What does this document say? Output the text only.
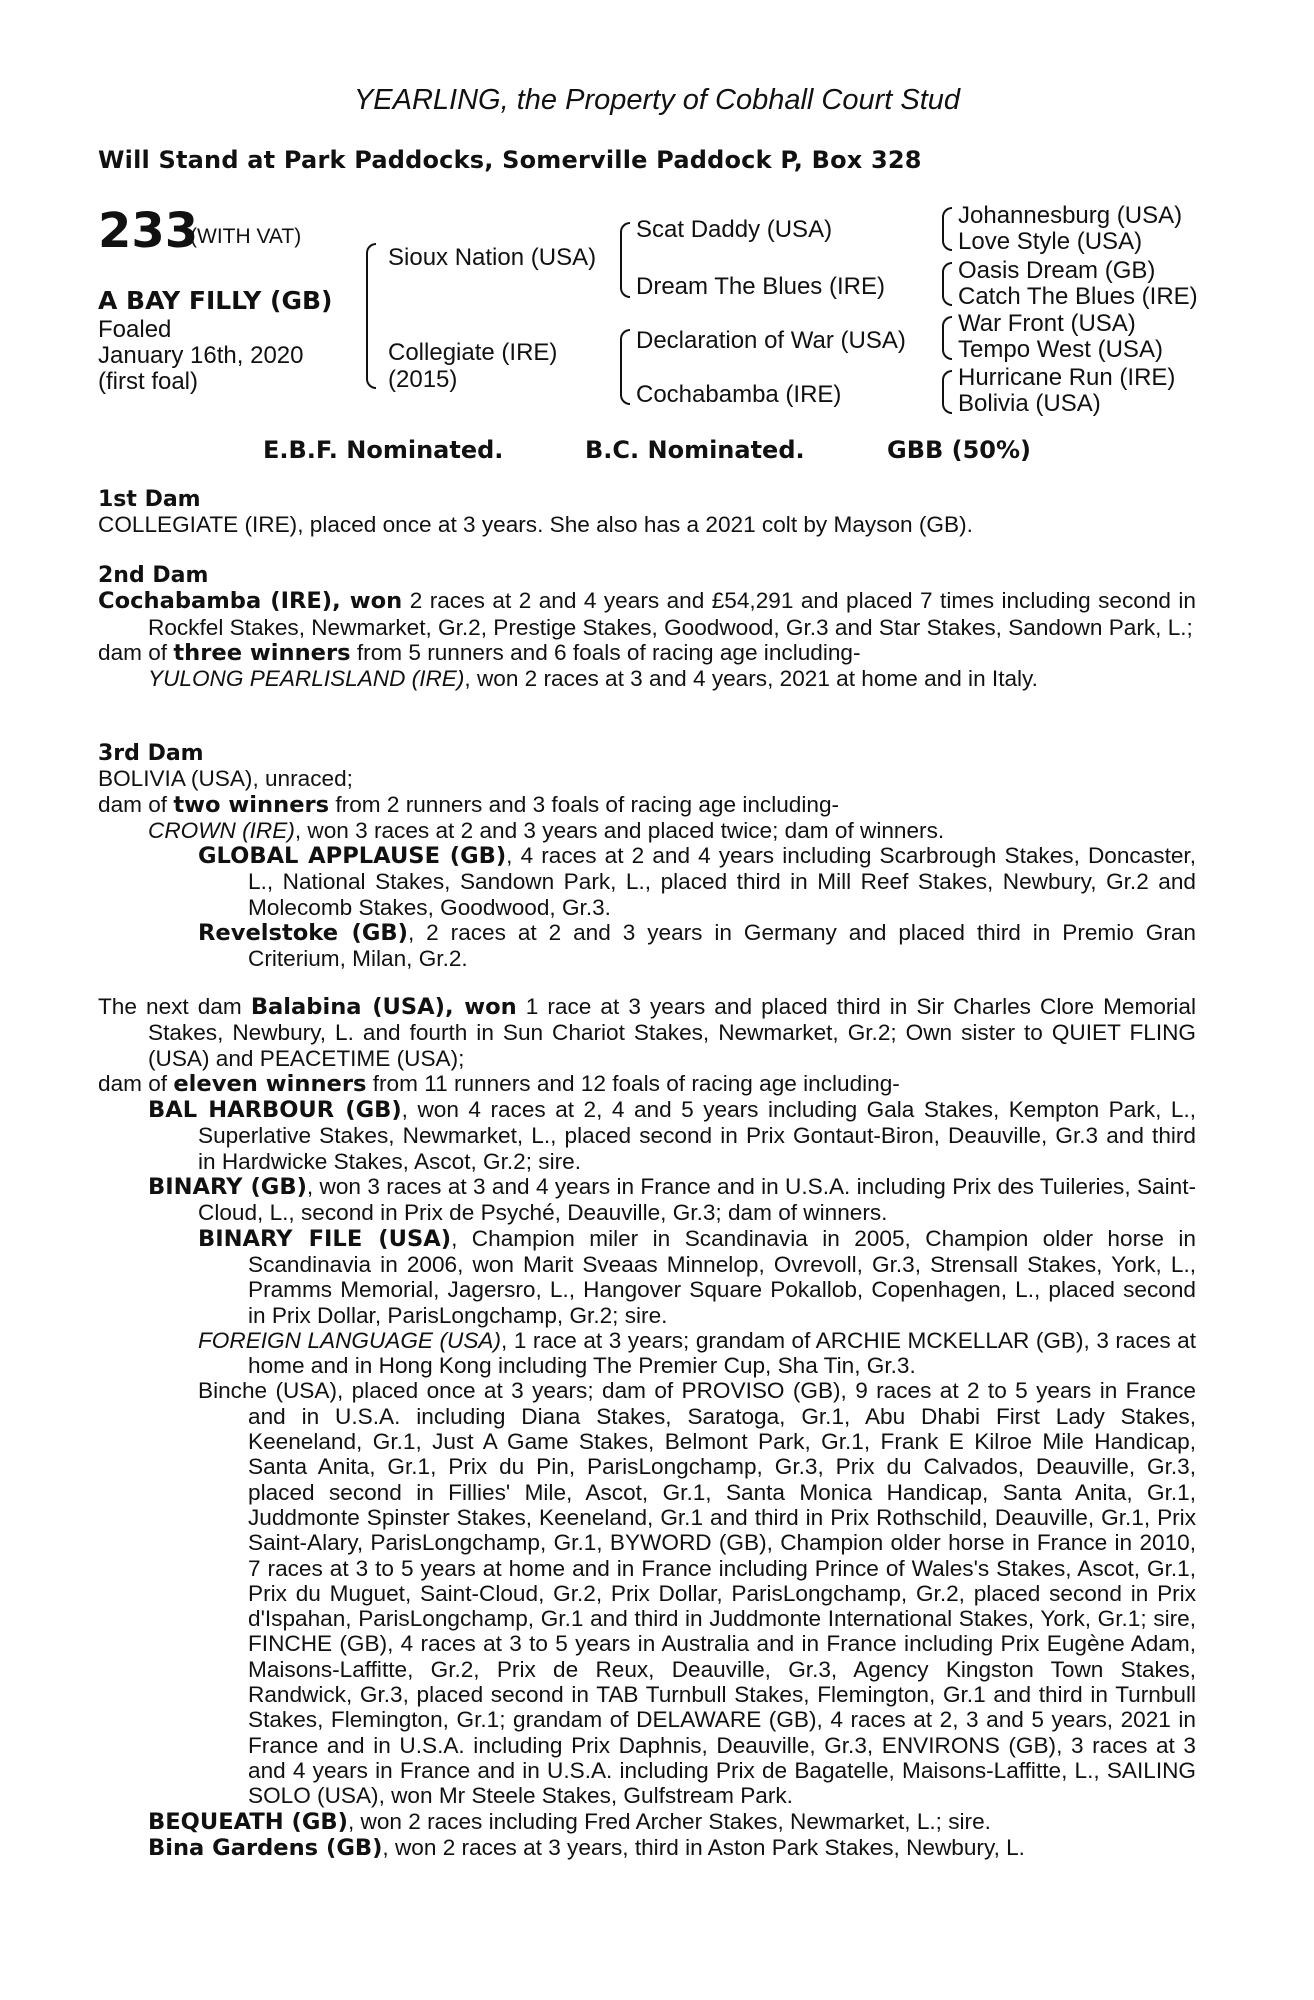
YEARLING, the Property of Cobhall Court Stud
Will Stand at Park Paddocks, Somerville Paddock P, Box 328
233
(WITH VAT)
A BAY FILLY (GB)
Foaled
January 16th, 2020
(first foal)
Sioux Nation (USA)
Collegiate (IRE)
(2015)
Scat Daddy (USA)
Dream The Blues (IRE)
Declaration of War (USA)
Cochabamba (IRE)
Johannesburg (USA)
Love Style (USA)
Oasis Dream (GB)
Catch The Blues (IRE)
War Front (USA)
Tempo West (USA)
Hurricane Run (IRE)
Bolivia (USA)
E.B.F. Nominated.	B.C. Nominated.	GBB (50%)

1st Dam

COLLEGIATE (IRE), placed once at 3 years. She also has a 2021 colt by Mayson (GB).

2nd Dam

Cochabamba (IRE), won 2 races at 2 and 4 years and £54,291 and placed 7 times including second in Rockfel Stakes, Newmarket, Gr.2, Prestige Stakes, Goodwood, Gr.3 and Star Stakes, Sandown Park, L.;

dam of three winners from 5 runners and 6 foals of racing age including-

YULONG PEARLISLAND (IRE), won 2 races at 3 and 4 years, 2021 at home and in Italy.

3rd Dam

BOLIVIA (USA), unraced;

dam of two winners from 2 runners and 3 foals of racing age including-

CROWN (IRE), won 3 races at 2 and 3 years and placed twice; dam of winners.

GLOBAL APPLAUSE (GB), 4 races at 2 and 4 years including Scarbrough Stakes, Doncaster, L., National Stakes, Sandown Park, L., placed third in Mill Reef Stakes, Newbury, Gr.2 and Molecomb Stakes, Goodwood, Gr.3.

Revelstoke (GB), 2 races at 2 and 3 years in Germany and placed third in Premio Gran Criterium, Milan, Gr.2.

The next dam Balabina (USA), won 1 race at 3 years and placed third in Sir Charles Clore Memorial Stakes, Newbury, L. and fourth in Sun Chariot Stakes, Newmarket, Gr.2; Own sister to QUIET FLING (USA) and PEACETIME (USA);

dam of eleven winners from 11 runners and 12 foals of racing age including-

BAL HARBOUR (GB), won 4 races at 2, 4 and 5 years including Gala Stakes, Kempton Park, L., Superlative Stakes, Newmarket, L., placed second in Prix Gontaut-Biron, Deauville, Gr.3 and third in Hardwicke Stakes, Ascot, Gr.2; sire.

BINARY (GB), won 3 races at 3 and 4 years in France and in U.S.A. including Prix des Tuileries, Saint-Cloud, L., second in Prix de Psyché, Deauville, Gr.3; dam of winners.

BINARY FILE (USA), Champion miler in Scandinavia in 2005, Champion older horse in Scandinavia in 2006, won Marit Sveaas Minnelop, Ovrevoll, Gr.3, Strensall Stakes, York, L., Pramms Memorial, Jagersro, L., Hangover Square Pokallob, Copenhagen, L., placed second in Prix Dollar, ParisLongchamp, Gr.2; sire.

FOREIGN LANGUAGE (USA), 1 race at 3 years; grandam of ARCHIE MCKELLAR (GB), 3 races at home and in Hong Kong including The Premier Cup, Sha Tin, Gr.3.

Binche (USA), placed once at 3 years; dam of PROVISO (GB), 9 races at 2 to 5 years in France and in U.S.A. including Diana Stakes, Saratoga, Gr.1, Abu Dhabi First Lady Stakes, Keeneland, Gr.1, Just A Game Stakes, Belmont Park, Gr.1, Frank E Kilroe Mile Handicap, Santa Anita, Gr.1, Prix du Pin, ParisLongchamp, Gr.3, Prix du Calvados, Deauville, Gr.3, placed second in Fillies' Mile, Ascot, Gr.1, Santa Monica Handicap, Santa Anita, Gr.1, Juddmonte Spinster Stakes, Keeneland, Gr.1 and third in Prix Rothschild, Deauville, Gr.1, Prix Saint-Alary, ParisLongchamp, Gr.1, BYWORD (GB), Champion older horse in France in 2010, 7 races at 3 to 5 years at home and in France including Prince of Wales's Stakes, Ascot, Gr.1, Prix du Muguet, Saint-Cloud, Gr.2, Prix Dollar, ParisLongchamp, Gr.2, placed second in Prix d'Ispahan, ParisLongchamp, Gr.1 and third in Juddmonte International Stakes, York, Gr.1; sire, FINCHE (GB), 4 races at 3 to 5 years in Australia and in France including Prix Eugène Adam, Maisons-Laffitte, Gr.2, Prix de Reux, Deauville, Gr.3, Agency Kingston Town Stakes, Randwick, Gr.3, placed second in TAB Turnbull Stakes, Flemington, Gr.1 and third in Turnbull Stakes, Flemington, Gr.1; grandam of DELAWARE (GB), 4 races at 2, 3 and 5 years, 2021 in France and in U.S.A. including Prix Daphnis, Deauville, Gr.3, ENVIRONS (GB), 3 races at 3 and 4 years in France and in U.S.A. including Prix de Bagatelle, Maisons-Laffitte, L., SAILING SOLO (USA), won Mr Steele Stakes, Gulfstream Park.

BEQUEATH (GB), won 2 races including Fred Archer Stakes, Newmarket, L.; sire.

Bina Gardens (GB), won 2 races at 3 years, third in Aston Park Stakes, Newbury, L.
